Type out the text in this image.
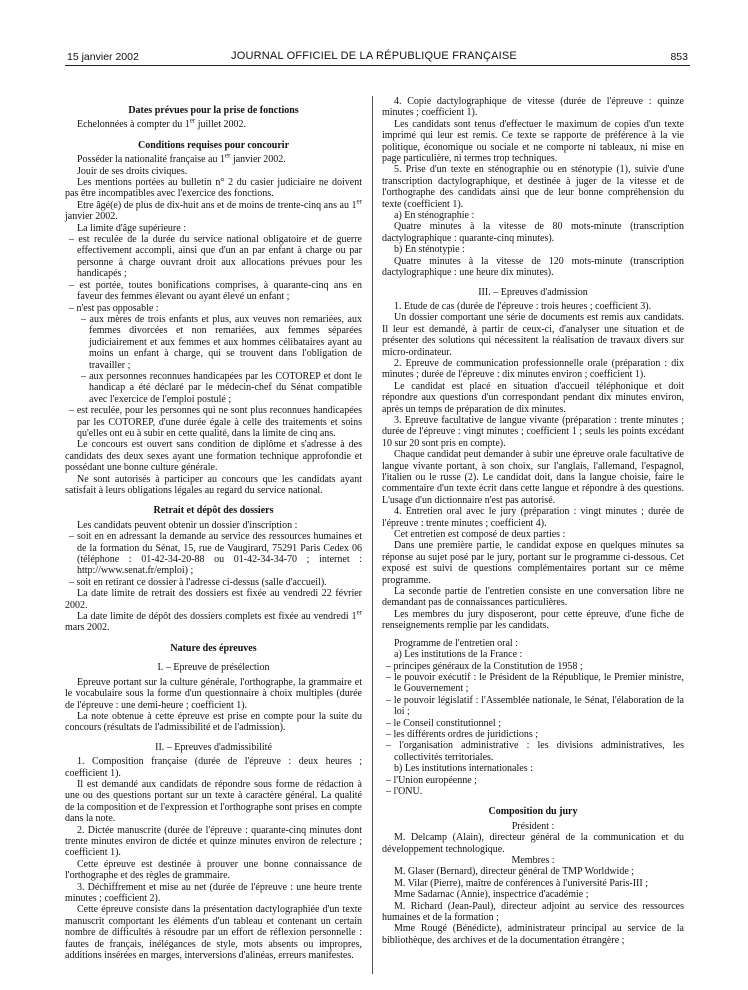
15 janvier 2002	JOURNAL OFFICIEL DE LA RÉPUBLIQUE FRANÇAISE	853

Dates prévues pour la prise de fonctions

Echelonnées à compter du 1er juillet 2002.

Conditions requises pour concourir

Posséder la nationalité française au 1er janvier 2002.

Jouir de ses droits civiques.

Les mentions portées au bulletin n° 2 du casier judiciaire ne doivent pas être incompatibles avec l'exercice des fonctions.

Etre âgé(e) de plus de dix-huit ans et de moins de trente-cinq ans au 1er janvier 2002.

La limite d'âge supérieure :

– est reculée de la durée du service national obligatoire et de guerre effectivement accompli, ainsi que d'un an par enfant à charge ou par personne à charge ouvrant droit aux allocations prévues pour les handicapés ;

– est portée, toutes bonifications comprises, à quarante-cinq ans en faveur des femmes élevant ou ayant élevé un enfant ;

– n'est pas opposable :

– aux mères de trois enfants et plus, aux veuves non remariées, aux femmes divorcées et non remariées, aux femmes séparées judiciairement et aux femmes et aux hommes célibataires ayant au moins un enfant à charge, qui se trouvent dans l'obligation de travailler ;

– aux personnes reconnues handicapées par les COTOREP et dont le handicap a été déclaré par le médecin-chef du Sénat compatible avec l'exercice de l'emploi postulé ;

– est reculée, pour les personnes qui ne sont plus reconnues handicapées par les COTOREP, d'une durée égale à celle des traitements et soins qu'elles ont eu à subir en cette qualité, dans la limite de cinq ans.

Le concours est ouvert sans condition de diplôme et s'adresse à des candidats des deux sexes ayant une formation technique approfondie et possédant une bonne culture générale.

Ne sont autorisés à participer au concours que les candidats ayant satisfait à leurs obligations légales au regard du service national.

Retrait et dépôt des dossiers

Les candidats peuvent obtenir un dossier d'inscription :

– soit en en adressant la demande au service des ressources humaines et de la formation du Sénat, 15, rue de Vaugirard, 75291 Paris Cedex 06 (téléphone : 01-42-34-20-88 ou 01-42-34-34-70 ; internet : http://www.senat.fr/emploi) ;

– soit en retirant ce dossier à l'adresse ci-dessus (salle d'accueil).

La date limite de retrait des dossiers est fixée au vendredi 22 février 2002.

La date limite de dépôt des dossiers complets est fixée au vendredi 1er mars 2002.

Nature des épreuves

I. – Epreuve de présélection

Epreuve portant sur la culture générale, l'orthographe, la grammaire et le vocabulaire sous la forme d'un questionnaire à choix multiples (durée de l'épreuve : une demi-heure ; coefficient 1).

La note obtenue à cette épreuve est prise en compte pour la suite du concours (résultats de l'admissibilité et de l'admission).

II. – Epreuves d'admissibilité

1. Composition française (durée de l'épreuve : deux heures ; coefficient 1).

Il est demandé aux candidats de répondre sous forme de rédaction à une ou des questions portant sur un texte à caractère général. La qualité de la composition et de l'expression et l'orthographe sont prises en compte dans la note.

2. Dictée manuscrite (durée de l'épreuve : quarante-cinq minutes dont trente minutes environ de dictée et quinze minutes environ de relecture ; coefficient 1).

Cette épreuve est destinée à prouver une bonne connaissance de l'orthographe et des règles de grammaire.

3. Déchiffrement et mise au net (durée de l'épreuve : une heure trente minutes ; coefficient 2).

Cette épreuve consiste dans la présentation dactylographiée d'un texte manuscrit comportant les éléments d'un tableau et contenant un certain nombre de difficultés à résoudre par un effort de réflexion personnelle : fautes de français, inélégances de style, mots absents ou impropres, additions insérées en marges, interversions d'alinéas, erreurs manifestes.

4. Copie dactylographique de vitesse (durée de l'épreuve : quinze minutes ; coefficient 1).

Les candidats sont tenus d'effectuer le maximum de copies d'un texte imprimé qui leur est remis. Ce texte se rapporte de préférence à la vie politique, économique ou sociale et ne comporte ni tableaux, ni mise en page particulière, ni termes trop techniques.

5. Prise d'un texte en sténographie ou en sténotypie (1), suivie d'une transcription dactylographique, et destinée à juger de la vitesse et de l'orthographe des candidats ainsi que de leur bonne compréhension du texte (coefficient 1).

a) En sténographie :

Quatre minutes à la vitesse de 80 mots-minute (transcription dactylographique : quarante-cinq minutes).

b) En sténotypie :

Quatre minutes à la vitesse de 120 mots-minute (transcription dactylographique : une heure dix minutes).

III. – Epreuves d'admission

1. Etude de cas (durée de l'épreuve : trois heures ; coefficient 3).

Un dossier comportant une série de documents est remis aux candidats. Il leur est demandé, à partir de ceux-ci, d'analyser une situation et de présenter des solutions qui nécessitent la réalisation de travaux divers sur micro-ordinateur.

2. Epreuve de communication professionnelle orale (préparation : dix minutes ; durée de l'épreuve : dix minutes environ ; coefficient 1).

Le candidat est placé en situation d'accueil téléphonique et doit répondre aux questions d'un correspondant pendant dix minutes environ, après un temps de préparation de dix minutes.

3. Epreuve facultative de langue vivante (préparation : trente minutes ; durée de l'épreuve : vingt minutes ; coefficient 1 ; seuls les points excédant 10 sur 20 sont pris en compte).

Chaque candidat peut demander à subir une épreuve orale facultative de langue vivante portant, à son choix, sur l'anglais, l'allemand, l'espagnol, l'italien ou le russe (2). Le candidat doit, dans la langue choisie, faire le commentaire d'un texte écrit dans cette langue et répondre à des questions. L'usage d'un dictionnaire n'est pas autorisé.

4. Entretien oral avec le jury (préparation : vingt minutes ; durée de l'épreuve : trente minutes ; coefficient 4).

Cet entretien est composé de deux parties :

Dans une première partie, le candidat expose en quelques minutes sa réponse au sujet posé par le jury, portant sur le programme ci-dessous. Cet exposé est suivi de questions complémentaires portant sur ce même programme.

La seconde partie de l'entretien consiste en une conversation libre ne demandant pas de connaissances particulières.

Les membres du jury disposeront, pour cette épreuve, d'une fiche de renseignements remplie par les candidats.

Programme de l'entretien oral :

a) Les institutions de la France :

– principes généraux de la Constitution de 1958 ;

– le pouvoir exécutif : le Président de la République, le Premier ministre, le Gouvernement ;

– le pouvoir législatif : l'Assemblée nationale, le Sénat, l'élaboration de la loi ;

– le Conseil constitutionnel ;

– les différents ordres de juridictions ;

– l'organisation administrative : les divisions administratives, les collectivités territoriales.

b) Les institutions internationales :

– l'Union européenne ;

– l'ONU.

Composition du jury

Président :

M. Delcamp (Alain), directeur général de la communication et du développement technologique.

Membres :

M. Glaser (Bernard), directeur général de TMP Worldwide ;

M. Vilar (Pierre), maître de conférences à l'université Paris-III ;

Mme Sadarnac (Annie), inspectrice d'académie ;

M. Richard (Jean-Paul), directeur adjoint au service des ressources humaines et de la formation ;

Mme Rougé (Bénédicte), administrateur principal au service de la bibliothèque, des archives et de la documentation étrangère ;
